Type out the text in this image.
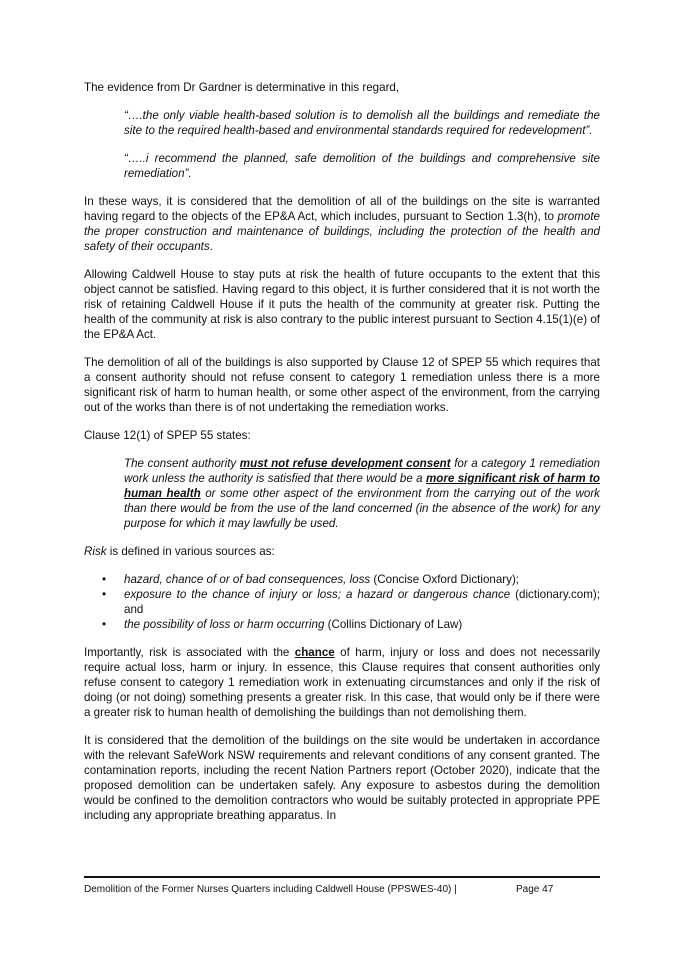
The evidence from Dr Gardner is determinative in this regard,

“….the only viable health-based solution is to demolish all the buildings and remediate the site to the required health-based and environmental standards required for redevelopment”.

“…..i recommend the planned, safe demolition of the buildings and comprehensive site remediation”.

In these ways, it is considered that the demolition of all of the buildings on the site is warranted having regard to the objects of the EP&A Act, which includes, pursuant to Section 1.3(h), to promote the proper construction and maintenance of buildings, including the protection of the health and safety of their occupants.

Allowing Caldwell House to stay puts at risk the health of future occupants to the extent that this object cannot be satisfied. Having regard to this object, it is further considered that it is not worth the risk of retaining Caldwell House if it puts the health of the community at greater risk. Putting the health of the community at risk is also contrary to the public interest pursuant to Section 4.15(1)(e) of the EP&A Act.

The demolition of all of the buildings is also supported by Clause 12 of SPEP 55 which requires that a consent authority should not refuse consent to category 1 remediation unless there is a more significant risk of harm to human health, or some other aspect of the environment, from the carrying out of the works than there is of not undertaking the remediation works.

Clause 12(1) of SPEP 55 states:

The consent authority must not refuse development consent for a category 1 remediation work unless the authority is satisfied that there would be a more significant risk of harm to human health or some other aspect of the environment from the carrying out of the work than there would be from the use of the land concerned (in the absence of the work) for any purpose for which it may lawfully be used.

Risk is defined in various sources as:

• hazard, chance of or of bad consequences, loss (Concise Oxford Dictionary);
• exposure to the chance of injury or loss; a hazard or dangerous chance (dictionary.com); and
• the possibility of loss or harm occurring (Collins Dictionary of Law)

Importantly, risk is associated with the chance of harm, injury or loss and does not necessarily require actual loss, harm or injury. In essence, this Clause requires that consent authorities only refuse consent to category 1 remediation work in extenuating circumstances and only if the risk of doing (or not doing) something presents a greater risk. In this case, that would only be if there were a greater risk to human health of demolishing the buildings than not demolishing them.

It is considered that the demolition of the buildings on the site would be undertaken in accordance with the relevant SafeWork NSW requirements and relevant conditions of any consent granted. The contamination reports, including the recent Nation Partners report (October 2020), indicate that the proposed demolition can be undertaken safely. Any exposure to asbestos during the demolition would be confined to the demolition contractors who would be suitably protected in appropriate PPE including any appropriate breathing apparatus. In

Demolition of the Former Nurses Quarters including Caldwell House (PPSWES-40) |	Page 47
